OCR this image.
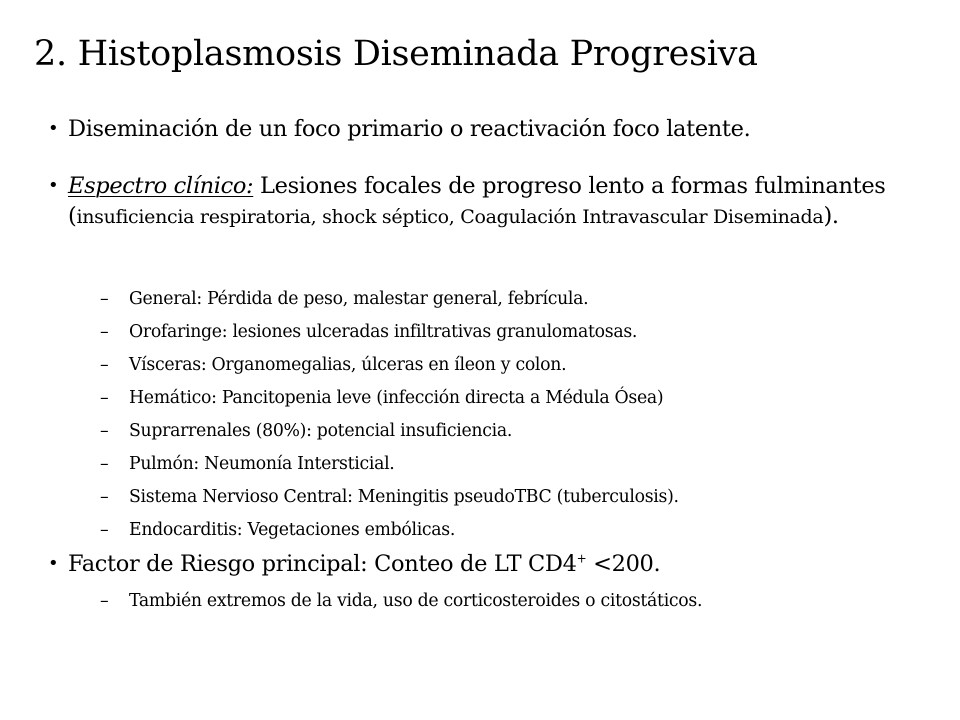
2. Histoplasmosis Diseminada Progresiva
• Diseminación de un foco primario o reactivación foco latente.
• Espectro clínico: Lesiones focales de progreso lento a formas fulminantes (insuficiencia respiratoria, shock séptico, Coagulación Intravascular Diseminada).
– General: Pérdida de peso, malestar general, febrícula.
– Orofaringe: lesiones ulceradas infiltrativas granulomatosas.
– Vísceras: Organomegalias, úlceras en íleon y colon.
– Hemático: Pancitopenia leve (infección directa a Médula Ósea)
– Suprarrenales (80%): potencial insuficiencia.
– Pulmón: Neumonía Intersticial.
– Sistema Nervioso Central: Meningitis pseudoTBC (tuberculosis).
– Endocarditis: Vegetaciones embólicas.
• Factor de Riesgo principal: Conteo de LT CD4+ <200.
– También extremos de la vida, uso de corticosteroides o citostáticos.
